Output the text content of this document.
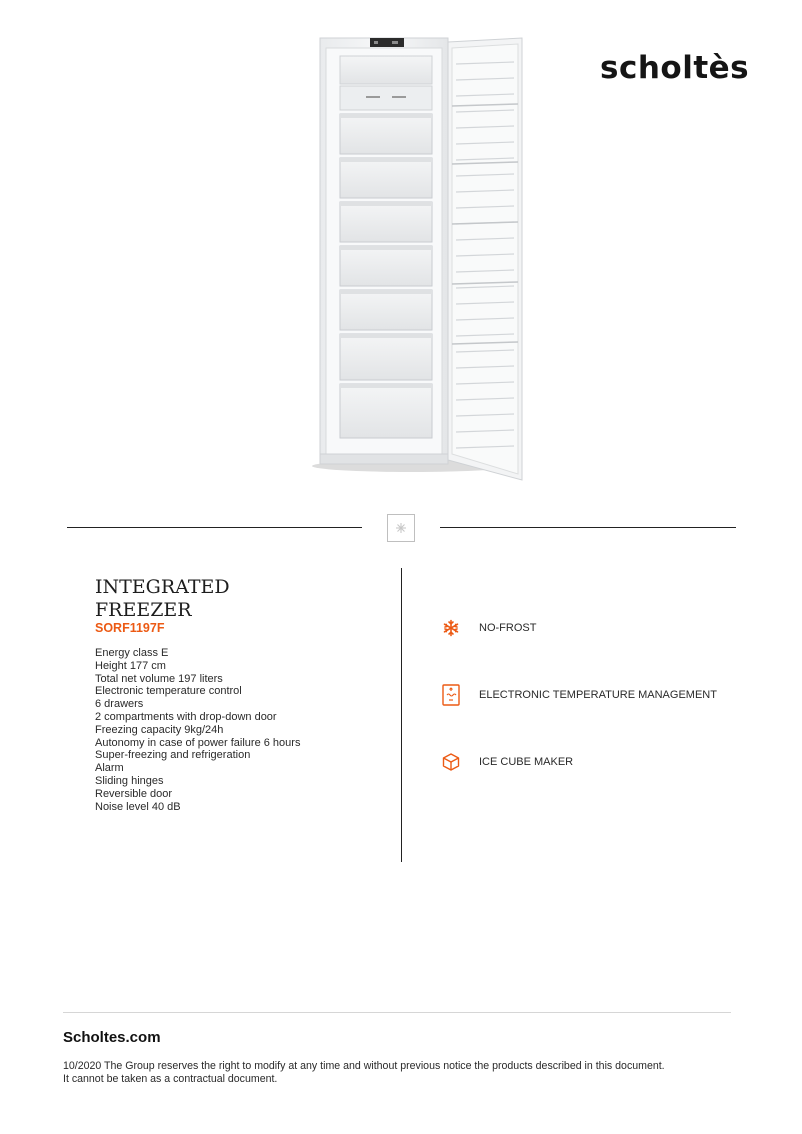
scholtès
INTEGRATED
FREEZER
SORF1197F
Energy class E
Height 177 cm
Total net volume 197 liters
Electronic temperature control
6 drawers
2 compartments with drop-down door
Freezing capacity 9kg/24h
Autonomy in case of power failure 6 hours
Super-freezing and refrigeration
Alarm
Sliding hinges
Reversible door
Noise level 40 dB
NO-FROST
ELECTRONIC TEMPERATURE MANAGEMENT
ICE CUBE MAKER
Scholtes.com

10/2020 The Group reserves the right to modify at any time and without previous notice the products described in this document.
It cannot be taken as a contractual document.
